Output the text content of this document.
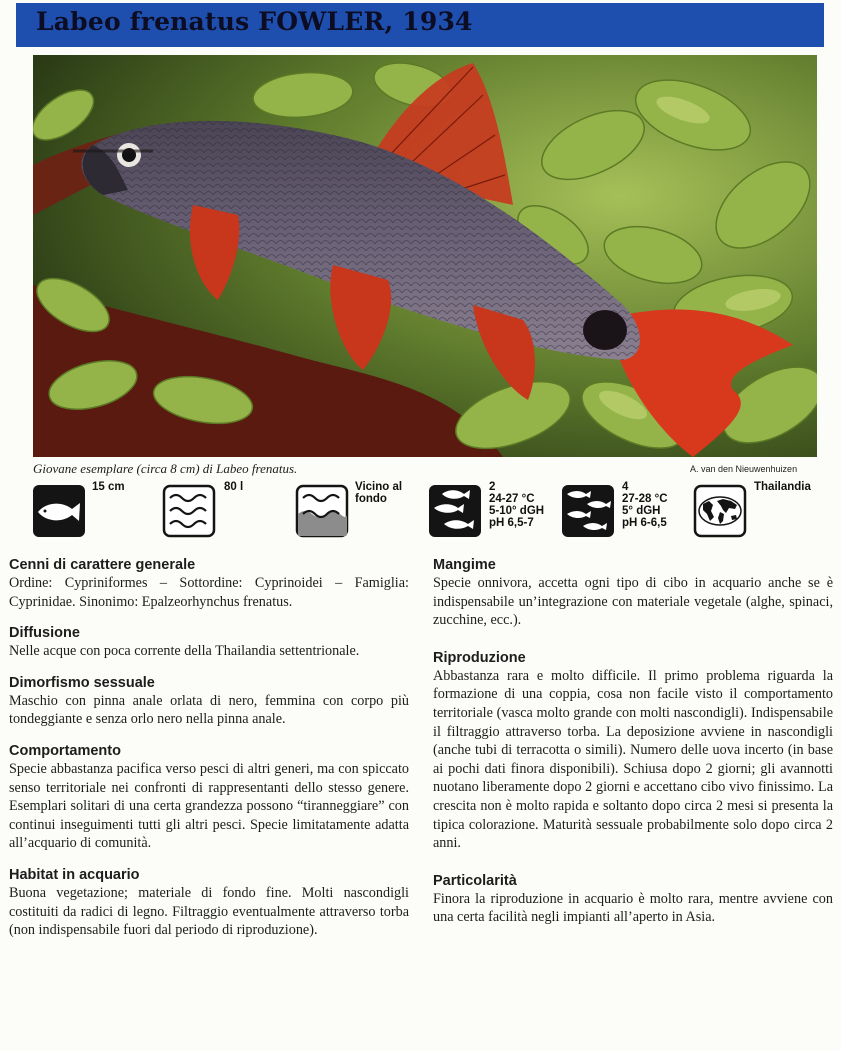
Labeo frenatus FOWLER, 1934
Giovane esemplare (circa 8 cm) di Labeo frenatus.	A. van den Nieuwenhuizen
15 cm	80 l	Vicino al
fondo
2
24-27 °C
5-10° dGH
pH 6,5-7
4
27-28 °C
5° dGH
pH 6-6,5
Thailandia
Cenni di carattere generale

Ordine: Cypriniformes – Sottordine: Cyprinoidei – Famiglia: Cyprinidae. Sinonimo: Epalzeorhynchus frenatus.

Diffusione

Nelle acque con poca corrente della Thailandia settentrionale.

Dimorfismo sessuale

Maschio con pinna anale orlata di nero, femmina con corpo più tondeggiante e senza orlo nero nella pinna anale.

Comportamento

Specie abbastanza pacifica verso pesci di altri generi, ma con spiccato senso territoriale nei confronti di rappresentanti dello stesso genere. Esemplari solitari di una certa grandezza possono “tiranneggiare” con continui inseguimenti tutti gli altri pesci. Specie limitatamente adatta all’acquario di comunità.

Habitat in acquario

Buona vegetazione; materiale di fondo fine. Molti nascondigli costituiti da radici di legno. Filtraggio eventualmente attraverso torba (non indispensabile fuori dal periodo di riproduzione).

Mangime

Specie onnivora, accetta ogni tipo di cibo in acquario anche se è indispensabile un’integrazione con materiale vegetale (alghe, spinaci, zucchine, ecc.).

Riproduzione

Abbastanza rara e molto difficile. Il primo problema riguarda la formazione di una coppia, cosa non facile visto il comportamento territoriale (vasca molto grande con molti nascondigli). Indispensabile il filtraggio attraverso torba. La deposizione avviene in nascondigli (anche tubi di terracotta o simili). Numero delle uova incerto (in base ai pochi dati finora disponibili). Schiusa dopo 2 giorni; gli avannotti nuotano liberamente dopo 2 giorni e accettano cibo vivo finissimo. La crescita non è molto rapida e soltanto dopo circa 2 mesi si presenta la tipica colorazione. Maturità sessuale probabilmente solo dopo circa 2 anni.

Particolarità

Finora la riproduzione in acquario è molto rara, mentre avviene con una certa facilità negli impianti all’aperto in Asia.
